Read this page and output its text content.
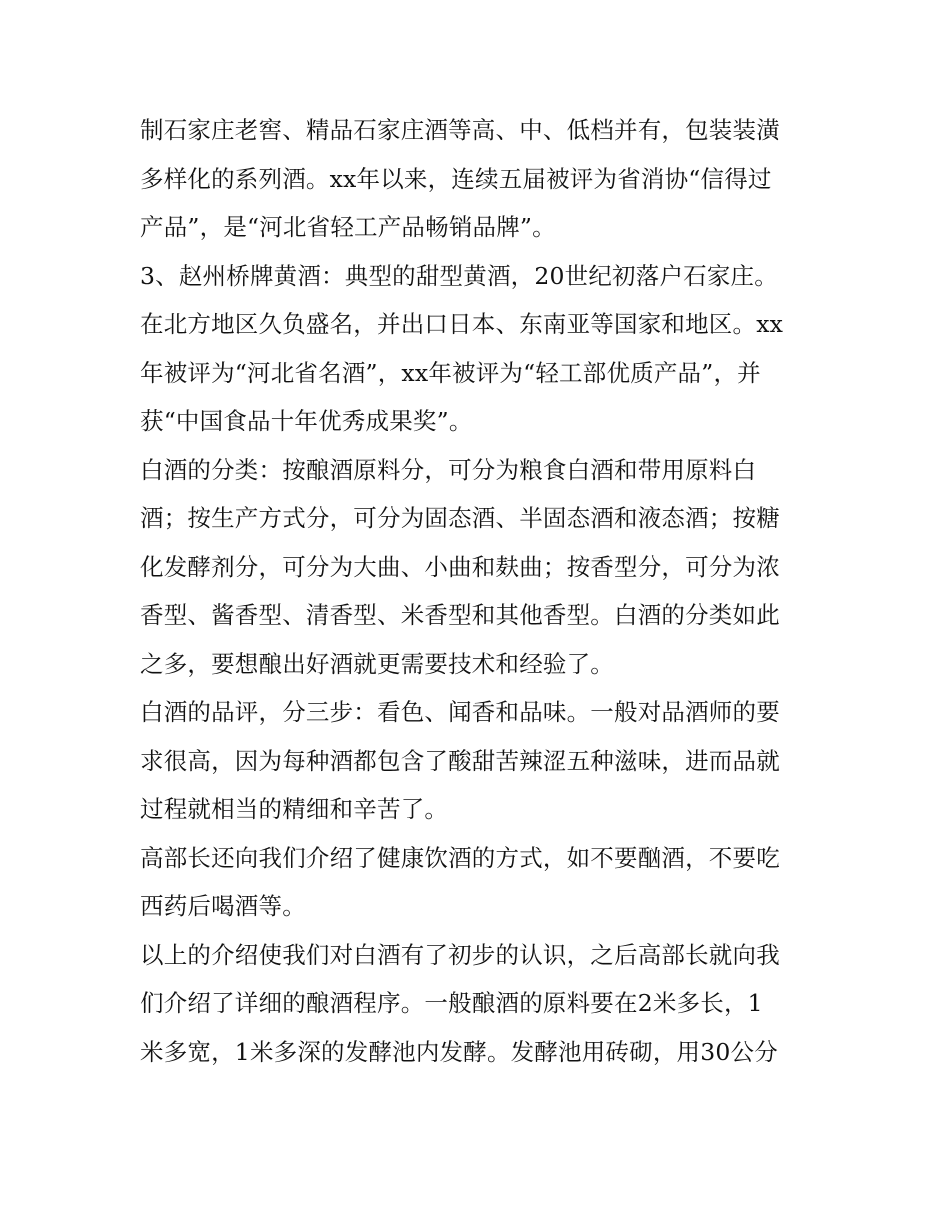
制石家庄老窖、精品石家庄酒等高、中、低档并有，包装装潢
多样化的系列酒。xx年以来，连续五届被评为省消协“信得过
产品”，是“河北省轻工产品畅销品牌”。
3、赵州桥牌黄酒：典型的甜型黄酒，20世纪初落户石家庄。
在北方地区久负盛名，并出口日本、东南亚等国家和地区。xx
年被评为“河北省名酒”，xx年被评为“轻工部优质产品”，并
获“中国食品十年优秀成果奖”。
白酒的分类：按酿酒原料分，可分为粮食白酒和带用原料白
酒；按生产方式分，可分为固态酒、半固态酒和液态酒；按糖
化发酵剂分，可分为大曲、小曲和麸曲；按香型分，可分为浓
香型、酱香型、清香型、米香型和其他香型。白酒的分类如此
之多，要想酿出好酒就更需要技术和经验了。
白酒的品评，分三步：看色、闻香和品味。一般对品酒师的要
求很高，因为每种酒都包含了酸甜苦辣涩五种滋味，进而品就
过程就相当的精细和辛苦了。
高部长还向我们介绍了健康饮酒的方式，如不要酗酒，不要吃
西药后喝酒等。
以上的介绍使我们对白酒有了初步的认识，之后高部长就向我
们介绍了详细的酿酒程序。一般酿酒的原料要在2米多长，1
米多宽，1米多深的发酵池内发酵。发酵池用砖砌，用30公分
